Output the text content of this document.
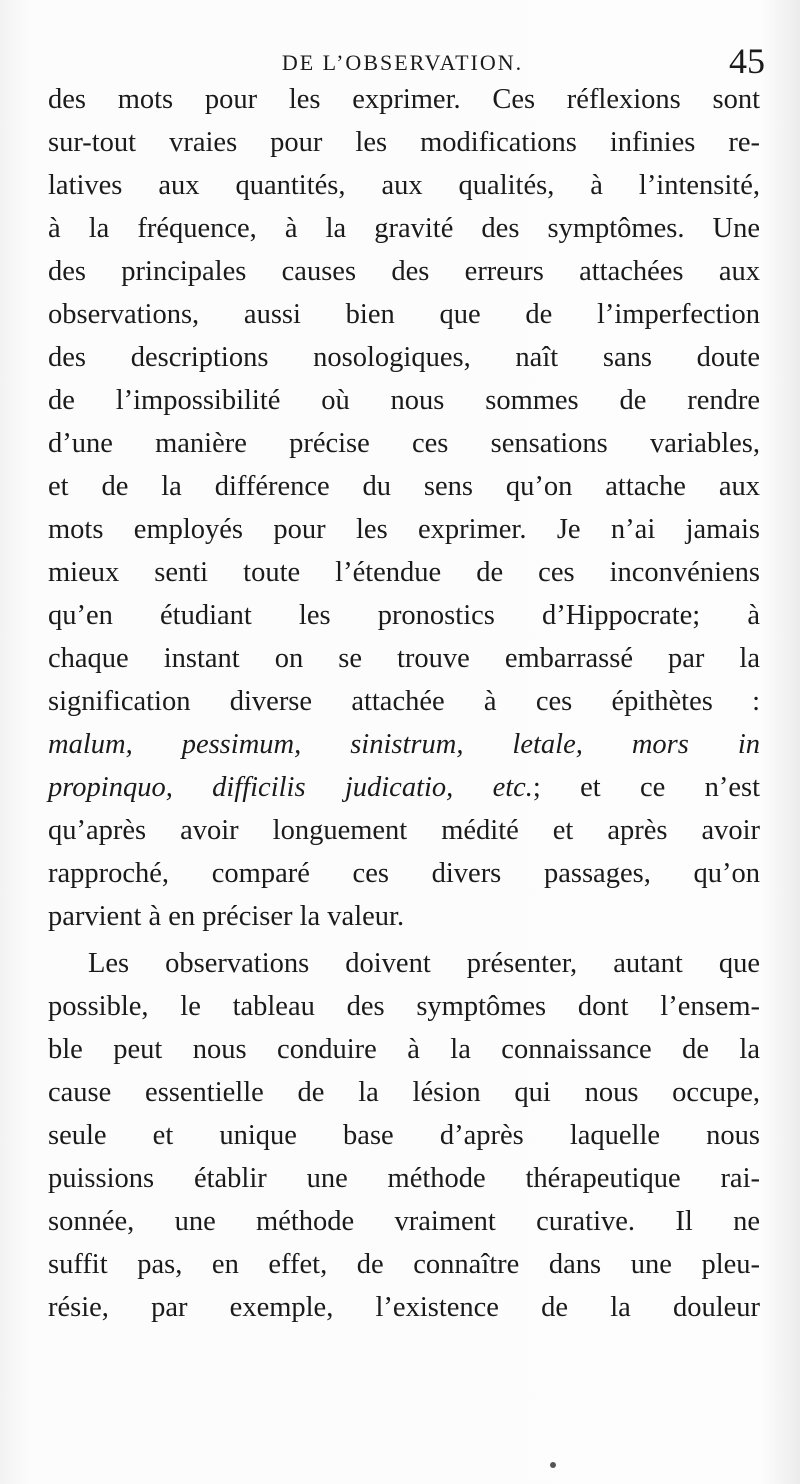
DE L’OBSERVATION.	45
des mots pour les exprimer. Ces réflexions sont
sur-tout vraies pour les modifications infinies re-
latives aux quantités, aux qualités, à l’intensité,
à la fréquence, à la gravité des symptômes. Une
des principales causes des erreurs attachées aux
observations, aussi bien que de l’imperfection
des descriptions nosologiques, naît sans doute
de l’impossibilité où nous sommes de rendre
d’une manière précise ces sensations variables,
et de la différence du sens qu’on attache aux
mots employés pour les exprimer. Je n’ai jamais
mieux senti toute l’étendue de ces inconvéniens
qu’en étudiant les pronostics d’Hippocrate; à
chaque instant on se trouve embarrassé par la
signification diverse attachée à ces épithètes :
malum, pessimum, sinistrum, letale, mors in
propinquo, difficilis judicatio, etc.; et ce n’est
qu’après avoir longuement médité et après avoir
rapproché, comparé ces divers passages, qu’on
parvient à en préciser la valeur.
Les observations doivent présenter, autant que
possible, le tableau des symptômes dont l’ensem-
ble peut nous conduire à la connaissance de la
cause essentielle de la lésion qui nous occupe,
seule et unique base d’après laquelle nous
puissions établir une méthode thérapeutique rai-
sonnée, une méthode vraiment curative. Il ne
suffit pas, en effet, de connaître dans une pleu-
résie, par exemple, l’existence de la douleur
